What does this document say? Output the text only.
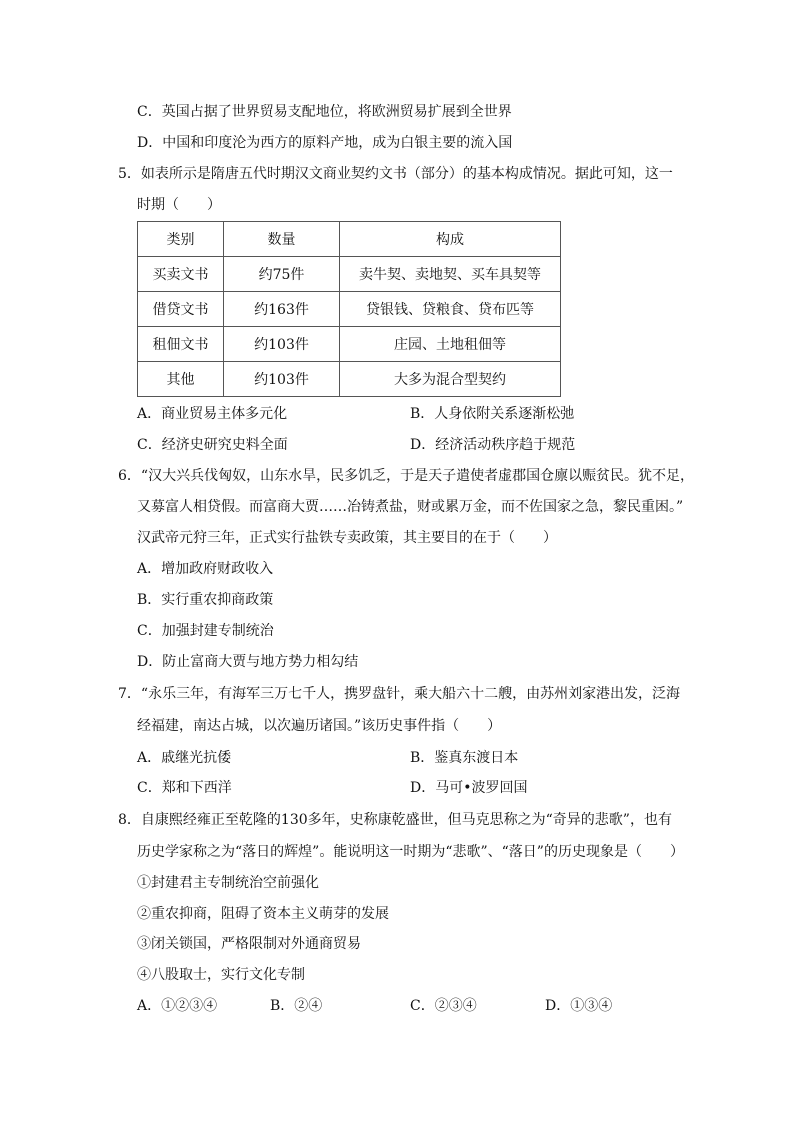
C．英国占据了世界贸易支配地位，将欧洲贸易扩展到全世界
D．中国和印度沦为西方的原料产地，成为白银主要的流入国
5．如表所示是隋唐五代时期汉文商业契约文书（部分）的基本构成情况。据此可知，这一
时期（　　）
类别	数量	构成
买卖文书	约75件	卖牛契、卖地契、买车具契等
借贷文书	约163件	贷银钱、贷粮食、贷布匹等
租佃文书	约103件	庄园、土地租佃等
其他	约103件	大多为混合型契约
A．商业贸易主体多元化	B．人身依附关系逐渐松弛
C．经济史研究史料全面	D．经济活动秩序趋于规范
6．“汉大兴兵伐匈奴，山东水旱，民多饥乏，于是天子遣使者虚郡国仓廪以赈贫民。犹不足，
又募富人相贷假。而富商大贾……冶铸煮盐，财或累万金，而不佐国家之急，黎民重困。”
汉武帝元狩三年，正式实行盐铁专卖政策，其主要目的在于（　　）
A．增加政府财政收入
B．实行重农抑商政策
C．加强封建专制统治
D．防止富商大贾与地方势力相勾结
7．“永乐三年，有海军三万七千人，携罗盘针，乘大船六十二艘，由苏州刘家港出发，泛海
经福建，南达占城，以次遍历诸国。”该历史事件指（　　）
A．戚继光抗倭	B．鉴真东渡日本
C．郑和下西洋	D．马可•波罗回国
8．自康熙经雍正至乾隆的130多年，史称康乾盛世，但马克思称之为“奇异的悲歌”，也有
历史学家称之为“落日的辉煌”。能说明这一时期为“悲歌”、“落日”的历史现象是（　　）
①封建君主专制统治空前强化
②重农抑商，阻碍了资本主义萌芽的发展
③闭关锁国，严格限制对外通商贸易
④八股取士，实行文化专制
A．①②③④	B．②④	C．②③④	D．①③④
